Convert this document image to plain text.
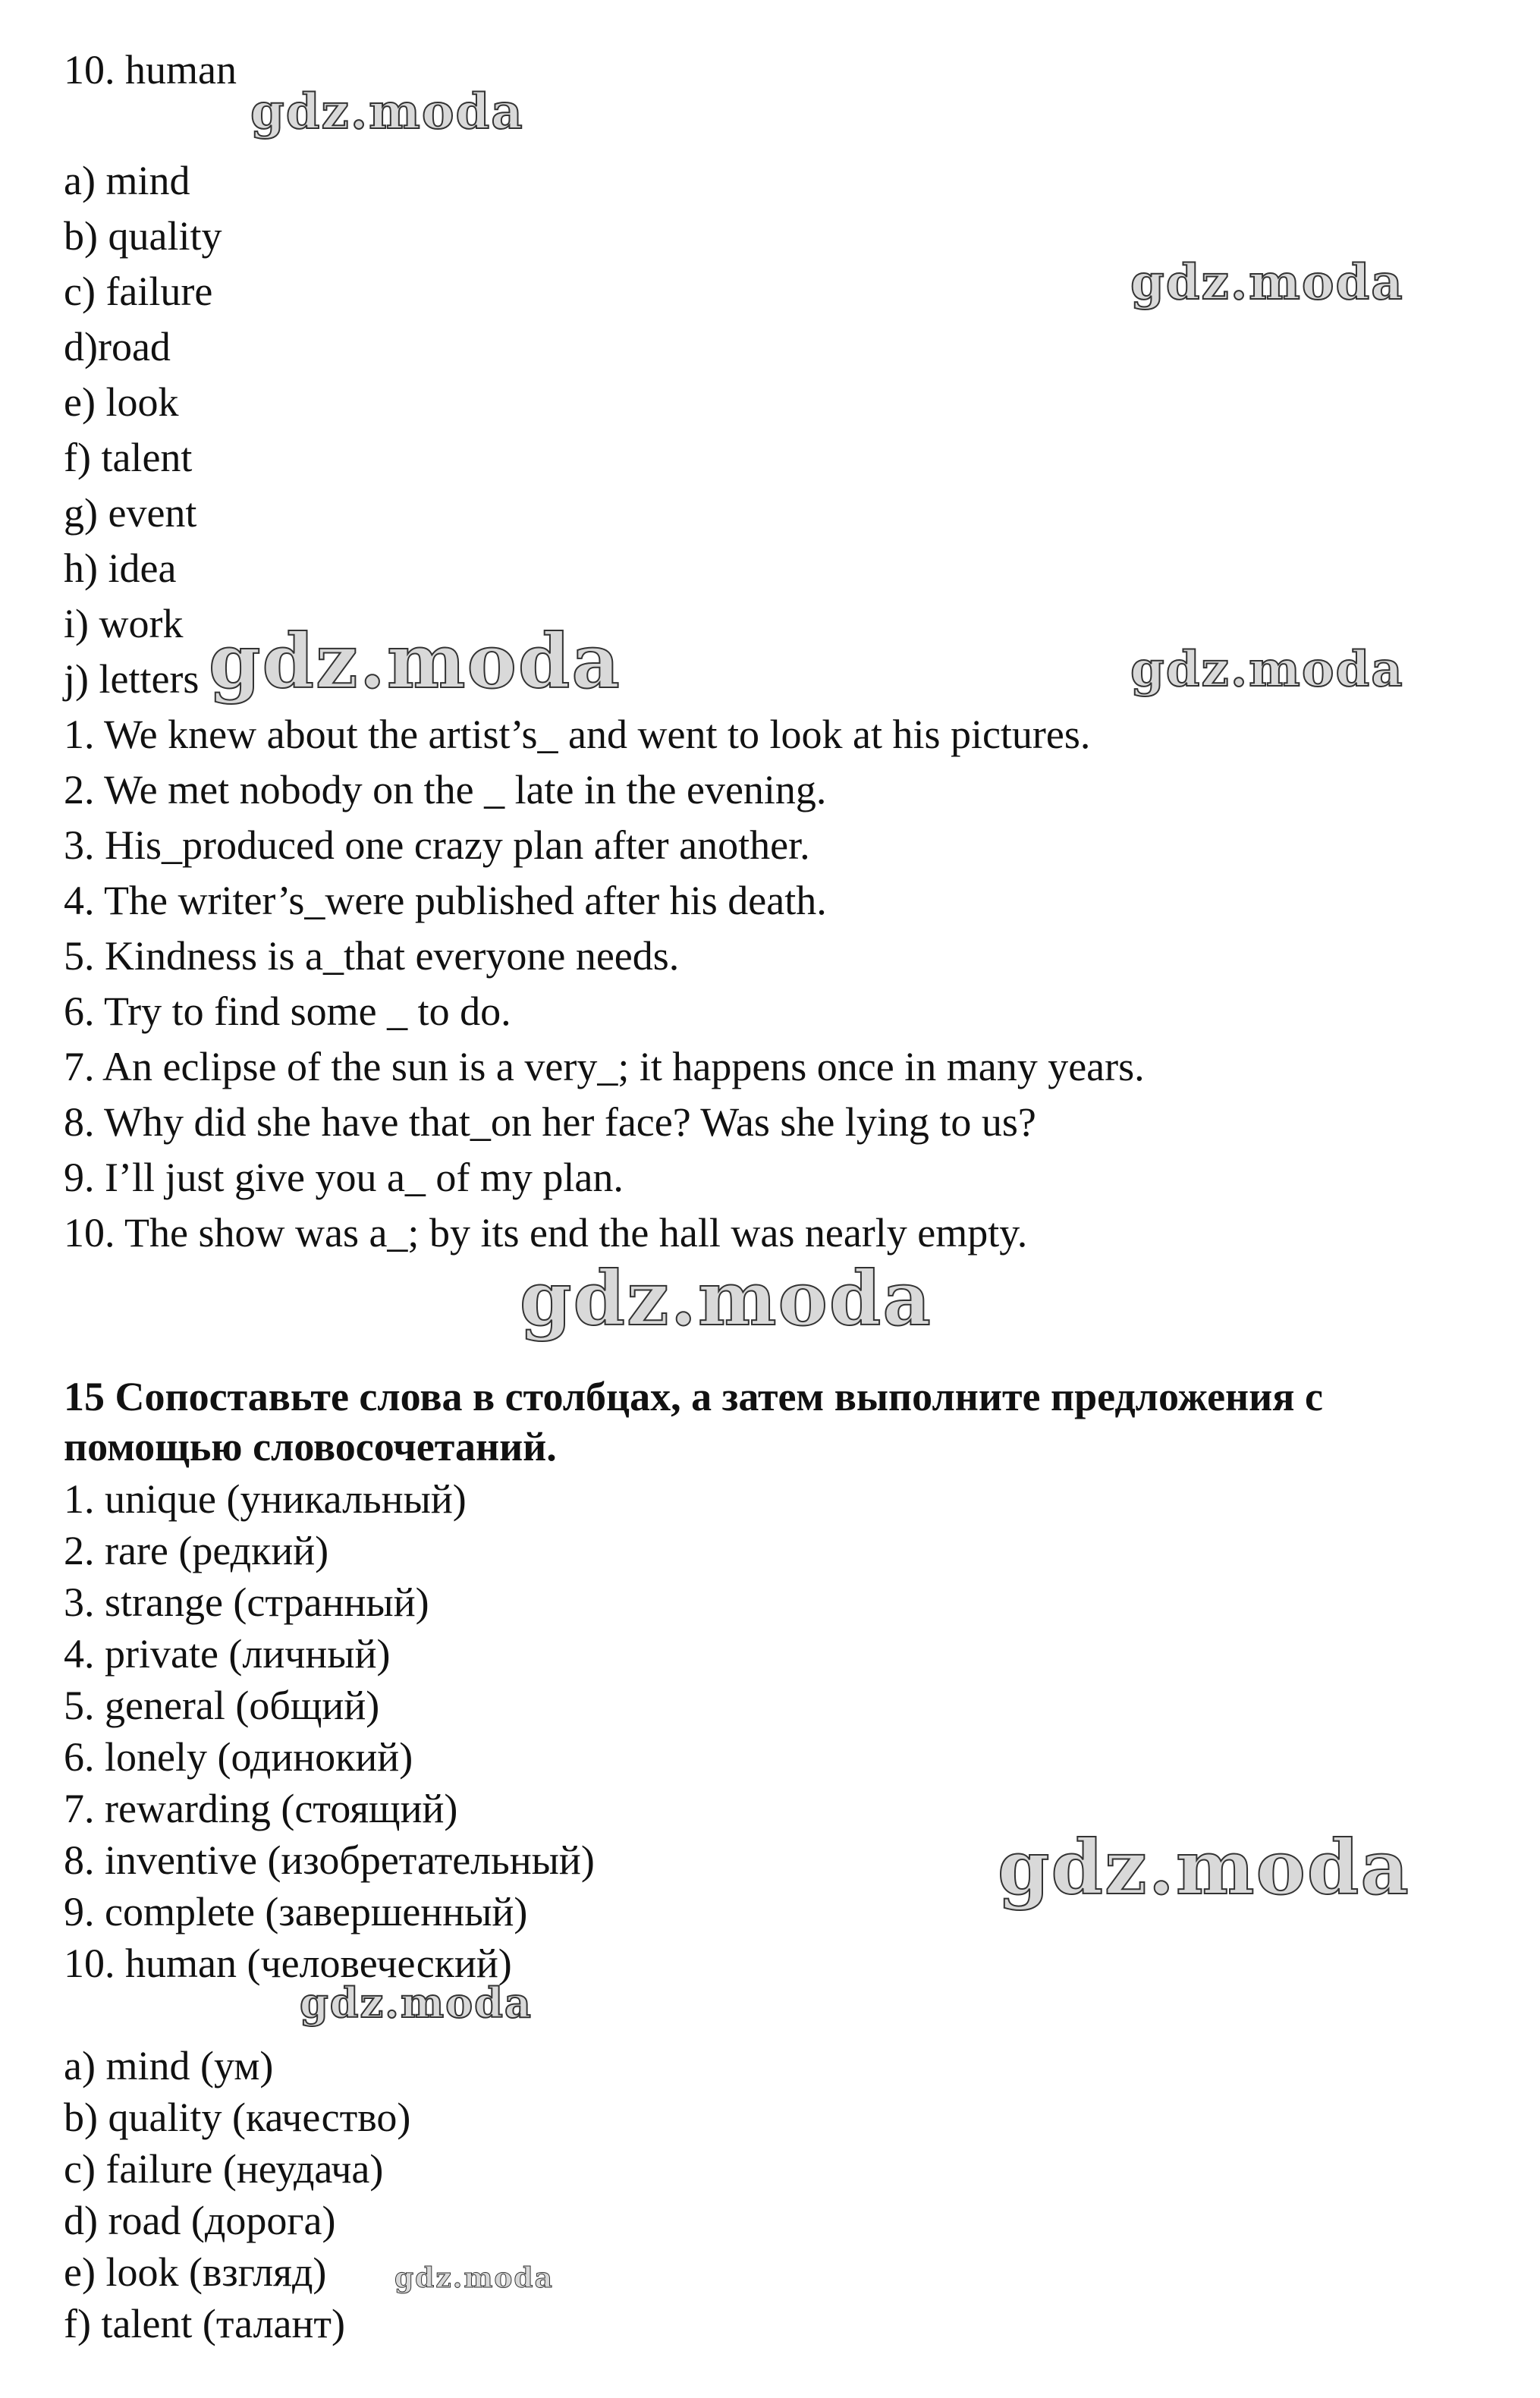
10. human
a) mind
b) quality
c) failure
d)road
e) look
f) talent
g) event
h) idea
i) work
j) letters
1. We knew about the artist’s_ and went to look at his pictures.
2. We met nobody on the _ late in the evening.
3. His_produced one crazy plan after another.
4. The writer’s_were published after his death.
5. Kindness is a_that everyone needs.
6. Try to find some _ to do.
7. An eclipse of the sun is a very_; it happens once in many years.
8. Why did she have that_on her face? Was she lying to us?
9. I’ll just give you a_ of my plan.
10. The show was a_; by its end the hall was nearly empty.
15 Сопоставьте слова в столбцах, а затем выполните предложения с
помощью словосочетаний.
1. unique (уникальный)
2. rare (редкий)
3. strange (странный)
4. private (личный)
5. general (общий)
6. lonely (одинокий)
7. rewarding (стоящий)
8. inventive (изобретательный)
9. complete (завершенный)
10. human (человеческий)
a) mind (ум)
b) quality (качество)
c) failure (неудача)
d) road (дорога)
e) look (взгляд)
f) talent (талант)
gdz.moda
gdz.moda
gdz.moda	gdz.moda
gdz.moda
gdz.moda
gdz.moda
gdz.moda
